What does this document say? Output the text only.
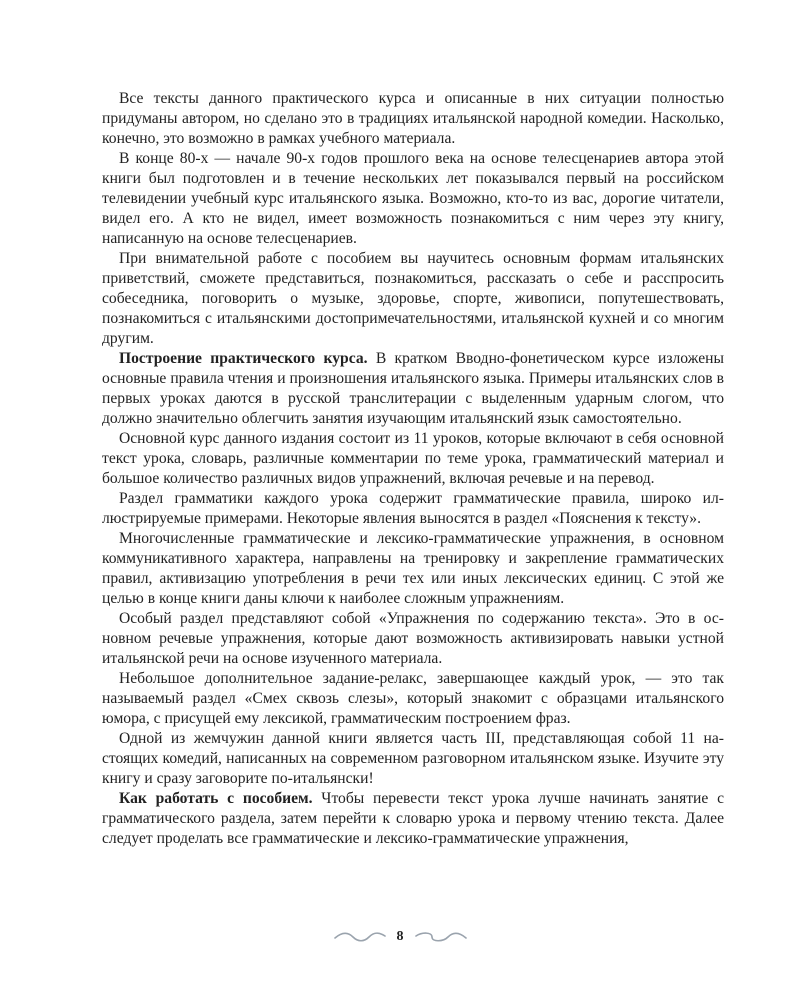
Все тексты данного практического курса и описанные в них ситуации полностью придуманы автором, но сделано это в традициях итальянской народной комедии. Насколько, конечно, это возможно в рамках учебного материала.

В конце 80-х — начале 90-х годов прошлого века на основе телесценариев автора этой книги был подготовлен и в течение нескольких лет показывался первый на российском телевидении учебный курс итальянского языка. Возможно, кто-то из вас, дорогие читатели, видел его. А кто не видел, имеет возможность познакомиться с ним через эту книгу, написанную на основе телесценариев.

При внимательной работе с пособием вы научитесь основным формам итальянских приветствий, сможете представиться, познакомиться, рассказать о себе и расспросить собеседника, поговорить о музыке, здоровье, спорте, живописи, попутешествовать, познакомиться с итальянскими достопримечательностями, итальянской кухней и со многим другим.

Построение практического курса. В кратком Вводно-фонетическом курсе изложены основные правила чтения и произношения итальянского языка. Примеры итальянских слов в первых уроках даются в русской транслитерации с выделенным ударным слогом, что должно значительно облегчить занятия изучающим итальянский язык самостоятельно.

Основной курс данного издания состоит из 11 уроков, которые включают в себя основной текст урока, словарь, различные комментарии по теме урока, грамматический материал и большое количество различных видов упражнений, включая речевые и на перевод.

Раздел грамматики каждого урока содержит грамматические правила, широко иллюстрируемые примерами. Некоторые явления выносятся в раздел «Пояснения к тексту».

Многочисленные грамматические и лексико-грамматические упражнения, в основном коммуникативного характера, направлены на тренировку и закрепление грамматических правил, активизацию употребления в речи тех или иных лексических единиц. С этой же целью в конце книги даны ключи к наиболее сложным упражнениям.

Особый раздел представляют собой «Упражнения по содержанию текста». Это в основном речевые упражнения, которые дают возможность активизировать навыки устной итальянской речи на основе изученного материала.

Небольшое дополнительное задание-релакс, завершающее каждый урок, — это так называемый раздел «Смех сквозь слезы», который знакомит с образцами итальянского юмора, с присущей ему лексикой, грамматическим построением фраз.

Одной из жемчужин данной книги является часть III, представляющая собой 11 настоящих комедий, написанных на современном разговорном итальянском языке. Изучите эту книгу и сразу заговорите по-итальянски!

Как работать с пособием. Чтобы перевести текст урока лучше начинать занятие с грамматического раздела, затем перейти к словарю урока и первому чтению текста. Далее следует проделать все грамматические и лексико-грамматические упражнения,

8
